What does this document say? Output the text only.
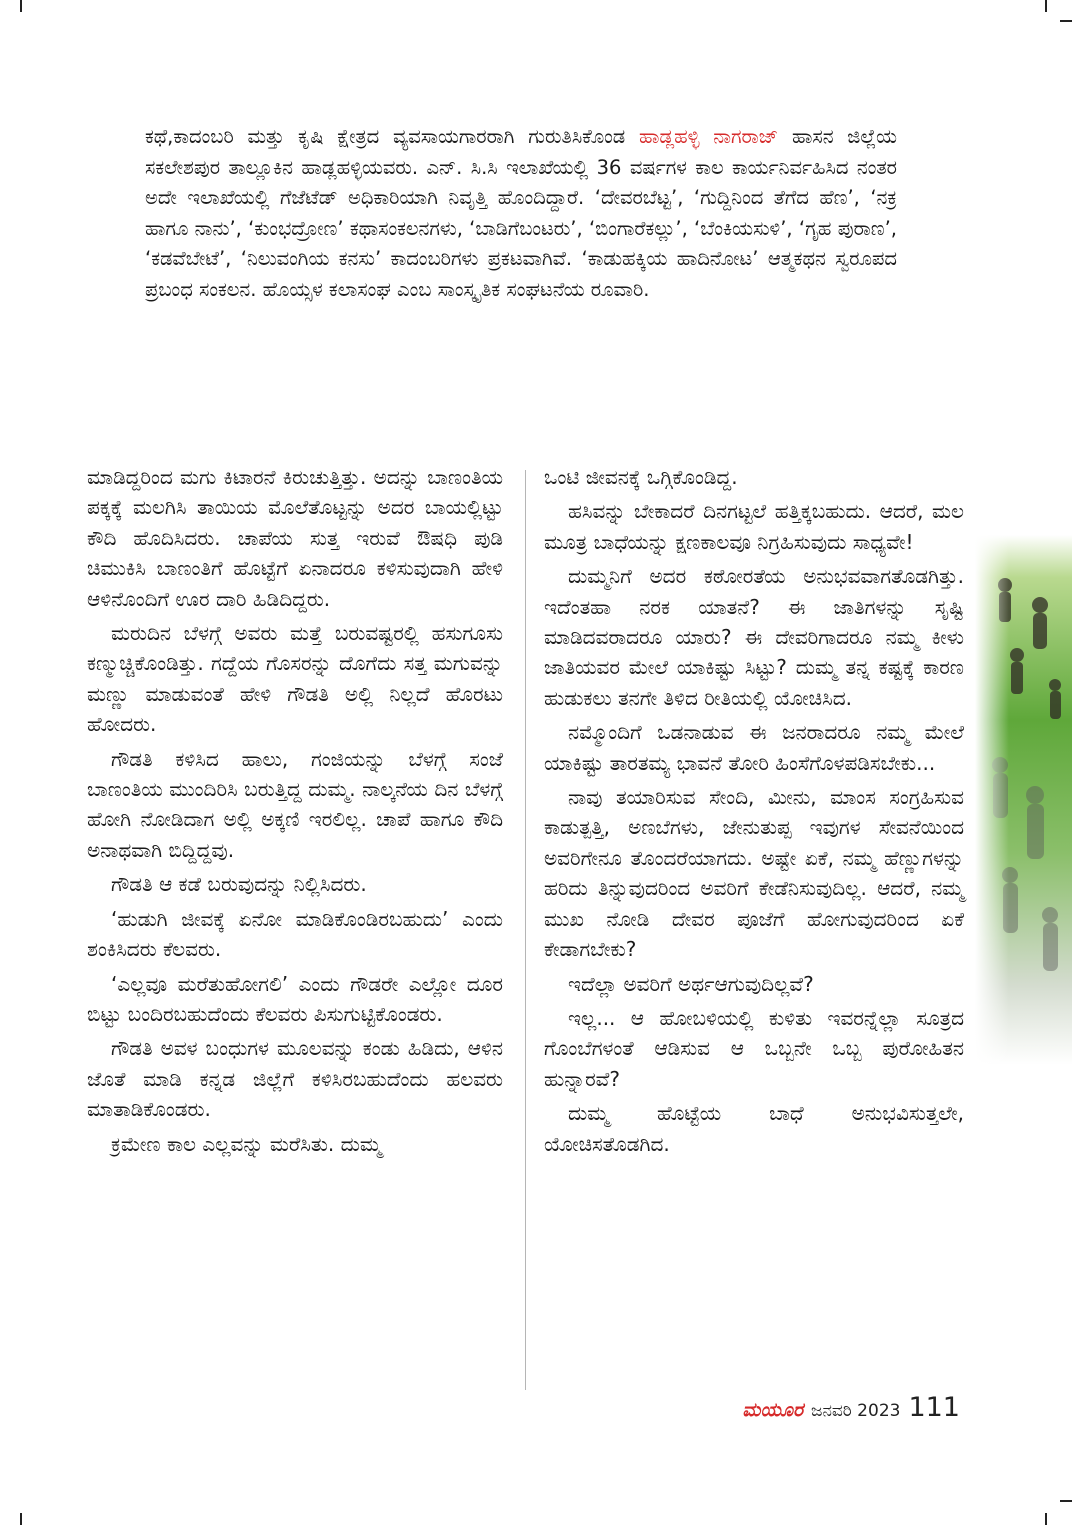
ಕಥೆ,ಕಾದಂಬರಿ ಮತ್ತು ಕೃಷಿ ಕ್ಷೇತ್ರದ ವ್ಯವಸಾಯಗಾರರಾಗಿ ಗುರುತಿಸಿಕೊಂಡ ಹಾಡ್ಲಹಳ್ಳಿ ನಾಗರಾಜ್ ಹಾಸನ ಜಿಲ್ಲೆಯ ಸಕಲೇಶಪುರ ತಾಲ್ಲೂಕಿನ ಹಾಡ್ಲಹಳ್ಳಿಯವರು. ಎನ್. ಸಿ.ಸಿ ಇಲಾಖೆಯಲ್ಲಿ 36 ವರ್ಷಗಳ ಕಾಲ ಕಾರ್ಯನಿರ್ವಹಿಸಿದ ನಂತರ ಅದೇ ಇಲಾಖೆಯಲ್ಲಿ ಗೆಜೆಟೆಡ್ ಅಧಿಕಾರಿಯಾಗಿ ನಿವೃತ್ತಿ ಹೊಂದಿದ್ದಾರೆ. ‘ದೇವರಬೆಟ್ಟ’, ‘ಗುದ್ದಿನಿಂದ ತೆಗೆದ ಹೆಣ’, ‘ನಕ್ರ ಹಾಗೂ ನಾನು’, ‘ಕುಂಭದ್ರೋಣ’ ಕಥಾಸಂಕಲನಗಳು, ‘ಬಾಡಿಗೆಬಂಟರು’, ‘ಬಿಂಗಾರೆಕಲ್ಲು’, ‘ಬೆಂಕಿಯಸುಳಿ’, ‘ಗೃಹ ಪುರಾಣ’, ‘ಕಡವೆಬೇಟೆ’, ‘ನಿಲುವಂಗಿಯ ಕನಸು’ ಕಾದಂಬರಿಗಳು ಪ್ರಕಟವಾಗಿವೆ. ‘ಕಾಡುಹಕ್ಕಿಯ ಹಾದಿನೋಟ’ ಆತ್ಮಕಥನ ಸ್ವರೂಪದ ಪ್ರಬಂಧ ಸಂಕಲನ. ಹೊಯ್ಸಳ ಕಲಾಸಂಘ ಎಂಬ ಸಾಂಸ್ಕೃತಿಕ ಸಂಘಟನೆಯ ರೂವಾರಿ.

ಮಾಡಿದ್ದರಿಂದ ಮಗು ಕಿಟಾರನೆ ಕಿರುಚುತ್ತಿತ್ತು. ಅದನ್ನು ಬಾಣಂತಿಯ ಪಕ್ಕಕ್ಕೆ ಮಲಗಿಸಿ ತಾಯಿಯ ಮೊಲೆತೊಟ್ಟನ್ನು ಅದರ ಬಾಯಲ್ಲಿಟ್ಟು ಕೌದಿ ಹೊದಿಸಿದರು. ಚಾಪೆಯ ಸುತ್ತ ಇರುವೆ ಔಷಧಿ ಪುಡಿ ಚಿಮುಕಿಸಿ ಬಾಣಂತಿಗೆ ಹೊಟ್ಟೆಗೆ ಏನಾದರೂ ಕಳಿಸುವುದಾಗಿ ಹೇಳಿ ಆಳಿನೊಂದಿಗೆ ಊರ ದಾರಿ ಹಿಡಿದಿದ್ದರು.

ಮರುದಿನ ಬೆಳಗ್ಗೆ ಅವರು ಮತ್ತೆ ಬರುವಷ್ಟರಲ್ಲಿ ಹಸುಗೂಸು ಕಣ್ಮುಚ್ಚಿಕೊಂಡಿತ್ತು. ಗದ್ದೆಯ ಗೊಸರನ್ನು ದೊಗೆದು ಸತ್ತ ಮಗುವನ್ನು ಮಣ್ಣು ಮಾಡುವಂತೆ ಹೇಳಿ ಗೌಡತಿ ಅಲ್ಲಿ ನಿಲ್ಲದೆ ಹೊರಟು ಹೋದರು.

ಗೌಡತಿ ಕಳಿಸಿದ ಹಾಲು, ಗಂಜಿಯನ್ನು ಬೆಳಗ್ಗೆ ಸಂಜೆ ಬಾಣಂತಿಯ ಮುಂದಿರಿಸಿ ಬರುತ್ತಿದ್ದ ದುಮ್ಮ. ನಾಲ್ಕನೆಯ ದಿನ ಬೆಳಗ್ಗೆ ಹೋಗಿ ನೋಡಿದಾಗ ಅಲ್ಲಿ ಅಕ್ಕಣಿ ಇರಲಿಲ್ಲ. ಚಾಪೆ ಹಾಗೂ ಕೌದಿ ಅನಾಥವಾಗಿ ಬಿದ್ದಿದ್ದವು.

ಗೌಡತಿ ಆ ಕಡೆ ಬರುವುದನ್ನು ನಿಲ್ಲಿಸಿದರು.

‘ಹುಡುಗಿ ಜೀವಕ್ಕೆ ಏನೋ ಮಾಡಿಕೊಂಡಿರಬಹುದು’ ಎಂದು ಶಂಕಿಸಿದರು ಕೆಲವರು.

‘ಎಲ್ಲವೂ ಮರೆತುಹೋಗಲಿ’ ಎಂದು ಗೌಡರೇ ಎಲ್ಲೋ ದೂರ ಬಿಟ್ಟು ಬಂದಿರಬಹುದೆಂದು ಕೆಲವರು ಪಿಸುಗುಟ್ಟಿಕೊಂಡರು.

ಗೌಡತಿ ಅವಳ ಬಂಧುಗಳ ಮೂಲವನ್ನು ಕಂಡು ಹಿಡಿದು, ಆಳಿನ ಜೊತೆ ಮಾಡಿ ಕನ್ನಡ ಜಿಲ್ಲೆಗೆ ಕಳಿಸಿರಬಹುದೆಂದು ಹಲವರು ಮಾತಾಡಿಕೊಂಡರು.

ಕ್ರಮೇಣ ಕಾಲ ಎಲ್ಲವನ್ನು ಮರೆಸಿತು. ದುಮ್ಮ

ಒಂಟಿ ಜೀವನಕ್ಕೆ ಒಗ್ಗಿಕೊಂಡಿದ್ದ.

ಹಸಿವನ್ನು ಬೇಕಾದರೆ ದಿನಗಟ್ಟಲೆ ಹತ್ತಿಕ್ಕಬಹುದು. ಆದರೆ, ಮಲ ಮೂತ್ರ ಬಾಧೆಯನ್ನು ಕ್ಷಣಕಾಲವೂ ನಿಗ್ರಹಿಸುವುದು ಸಾಧ್ಯವೇ!

ದುಮ್ಮನಿಗೆ ಅದರ ಕಠೋರತೆಯ ಅನುಭವವಾಗತೊಡಗಿತ್ತು. ಇದೆಂತಹಾ ನರಕ ಯಾತನೆ? ಈ ಜಾತಿಗಳನ್ನು ಸೃಷ್ಟಿ ಮಾಡಿದವರಾದರೂ ಯಾರು? ಈ ದೇವರಿಗಾದರೂ ನಮ್ಮ ಕೀಳು ಜಾತಿಯವರ ಮೇಲೆ ಯಾಕಿಷ್ಟು ಸಿಟ್ಟು? ದುಮ್ಮ ತನ್ನ ಕಷ್ಟಕ್ಕೆ ಕಾರಣ ಹುಡುಕಲು ತನಗೇ ತಿಳಿದ ರೀತಿಯಲ್ಲಿ ಯೋಚಿಸಿದ.

ನಮ್ಮೊಂದಿಗೆ ಒಡನಾಡುವ ಈ ಜನರಾದರೂ ನಮ್ಮ ಮೇಲೆ ಯಾಕಿಷ್ಟು ತಾರತಮ್ಯ ಭಾವನೆ ತೋರಿ ಹಿಂಸೆಗೊಳಪಡಿಸಬೇಕು...

ನಾವು ತಯಾರಿಸುವ ಸೇಂದಿ, ಮೀನು, ಮಾಂಸ ಸಂಗ್ರಹಿಸುವ ಕಾಡುತ್ಪತ್ತಿ, ಅಣಬೆಗಳು, ಜೇನುತುಪ್ಪ ಇವುಗಳ ಸೇವನೆಯಿಂದ ಅವರಿಗೇನೂ ತೊಂದರೆಯಾಗದು. ಅಷ್ಟೇ ಏಕೆ, ನಮ್ಮ ಹೆಣ್ಣುಗಳನ್ನು ಹರಿದು ತಿನ್ನುವುದರಿಂದ ಅವರಿಗೆ ಕೇಡೆನಿಸುವುದಿಲ್ಲ. ಆದರೆ, ನಮ್ಮ ಮುಖ ನೋಡಿ ದೇವರ ಪೂಜೆಗೆ ಹೋಗುವುದರಿಂದ ಏಕೆ ಕೇಡಾಗಬೇಕು?

ಇದೆಲ್ಲಾ ಅವರಿಗೆ ಅರ್ಥಆಗುವುದಿಲ್ಲವೆ?

ಇಲ್ಲ... ಆ ಹೋಬಳಿಯಲ್ಲಿ ಕುಳಿತು ಇವರನ್ನೆಲ್ಲಾ ಸೂತ್ರದ ಗೊಂಬೆಗಳಂತೆ ಆಡಿಸುವ ಆ ಒಬ್ಬನೇ ಒಬ್ಬ ಪುರೋಹಿತನ ಹುನ್ನಾರವೆ?

ದುಮ್ಮ ಹೊಟ್ಟೆಯ ಬಾಧೆ ಅನುಭವಿಸುತ್ತಲೇ, ಯೋಚಿಸತೊಡಗಿದ.

ಮಯೂರ ಜನವರಿ 2023 111
